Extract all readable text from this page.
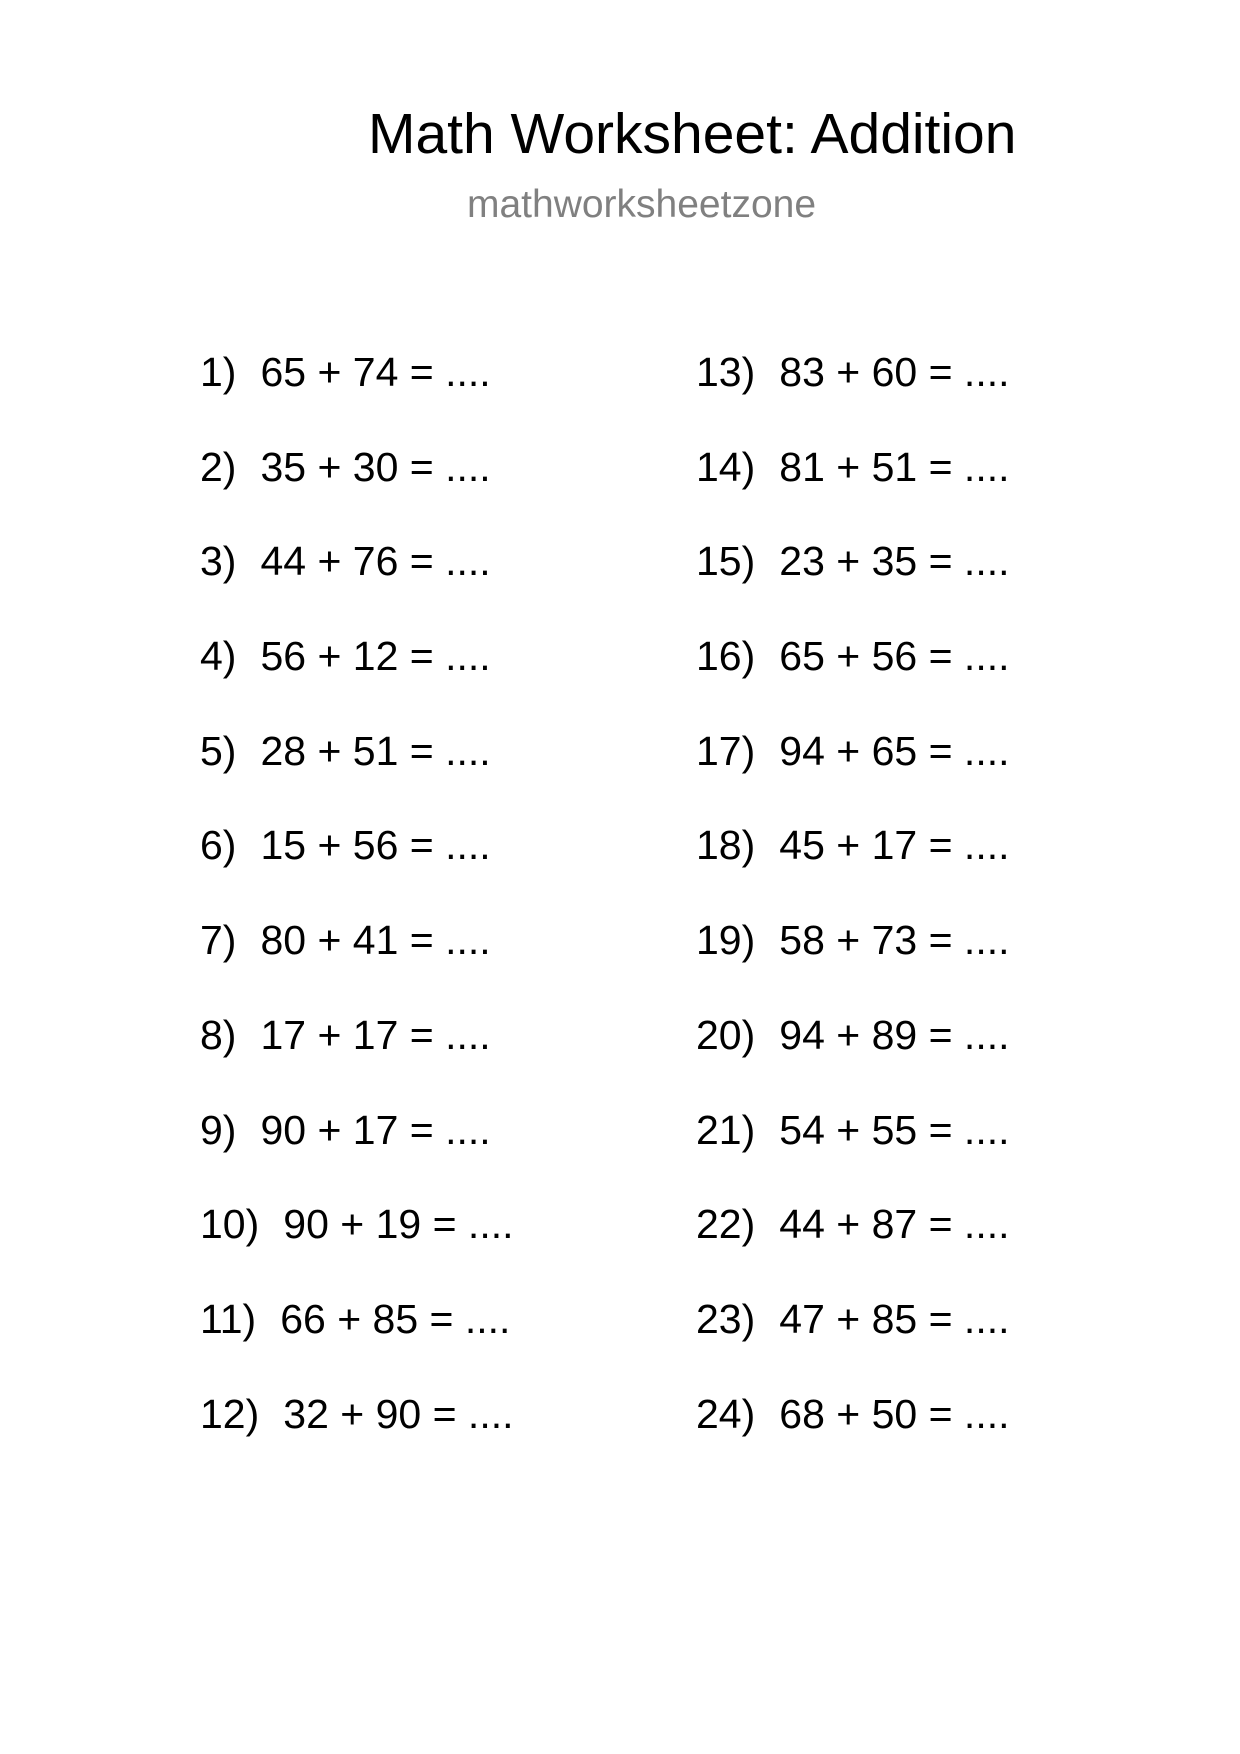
Math Worksheet: Addition
mathworksheetzone
1) 65 + 74 = ....
2) 35 + 30 = ....
3) 44 + 76 = ....
4) 56 + 12 = ....
5) 28 + 51 = ....
6) 15 + 56 = ....
7) 80 + 41 = ....
8) 17 + 17 = ....
9) 90 + 17 = ....
10) 90 + 19 = ....
11) 66 + 85 = ....
12) 32 + 90 = ....
13) 83 + 60 = ....
14) 81 + 51 = ....
15) 23 + 35 = ....
16) 65 + 56 = ....
17) 94 + 65 = ....
18) 45 + 17 = ....
19) 58 + 73 = ....
20) 94 + 89 = ....
21) 54 + 55 = ....
22) 44 + 87 = ....
23) 47 + 85 = ....
24) 68 + 50 = ....
